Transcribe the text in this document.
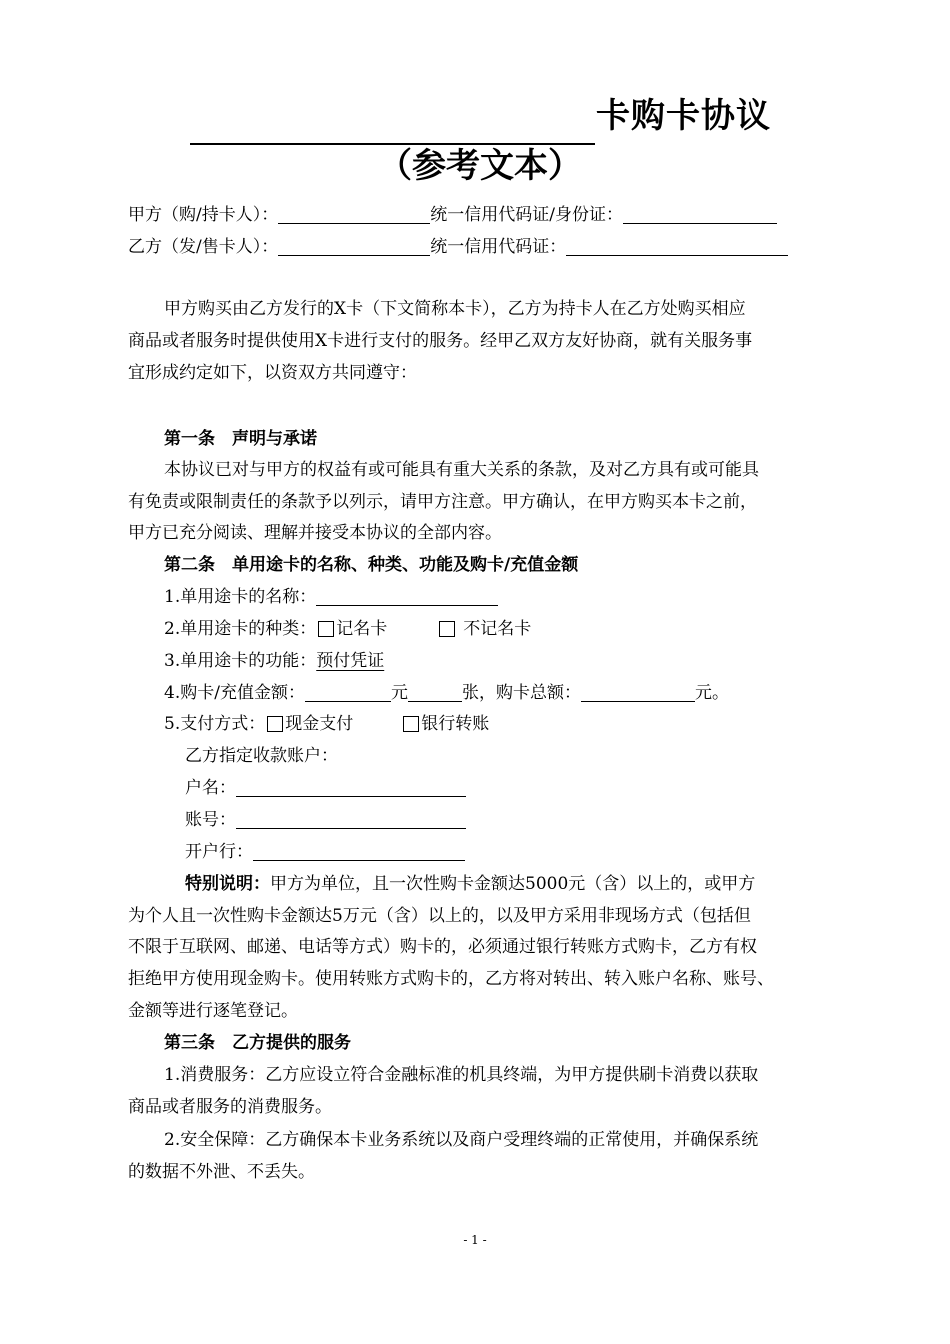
卡购卡协议
（参考文本）
甲方（购/持卡人）：	统一信用代码证/身份证：
乙方（发/售卡人）：	统一信用代码证：
甲方购买由乙方发行的X卡（下文简称本卡），乙方为持卡人在乙方处购买相应
商品或者服务时提供使用X卡进行支付的服务。经甲乙双方友好协商，就有关服务事
宜形成约定如下，以资双方共同遵守：
第一条　声明与承诺
本协议已对与甲方的权益有或可能具有重大关系的条款，及对乙方具有或可能具
有免责或限制责任的条款予以列示，请甲方注意。甲方确认，在甲方购买本卡之前，
甲方已充分阅读、理解并接受本协议的全部内容。
第二条　单用途卡的名称、种类、功能及购卡/充值金额
1.单用途卡的名称：
2.单用途卡的种类： 记名卡	不记名卡
3.单用途卡的功能：预付凭证
4.购卡/充值金额：	元	张，购卡总额：	元。
5.支付方式： 现金支付	银行转账
乙方指定收款账户：
户名：
账号：
开户行：
特别说明：甲方为单位，且一次性购卡金额达5000元（含）以上的，或甲方
为个人且一次性购卡金额达5万元（含）以上的，以及甲方采用非现场方式（包括但
不限于互联网、邮递、电话等方式）购卡的，必须通过银行转账方式购卡，乙方有权
拒绝甲方使用现金购卡。使用转账方式购卡的，乙方将对转出、转入账户名称、账号、
金额等进行逐笔登记。
第三条　乙方提供的服务
1.消费服务：乙方应设立符合金融标准的机具终端，为甲方提供刷卡消费以获取
商品或者服务的消费服务。
2.安全保障：乙方确保本卡业务系统以及商户受理终端的正常使用，并确保系统
的数据不外泄、不丢失。
- 1 -
